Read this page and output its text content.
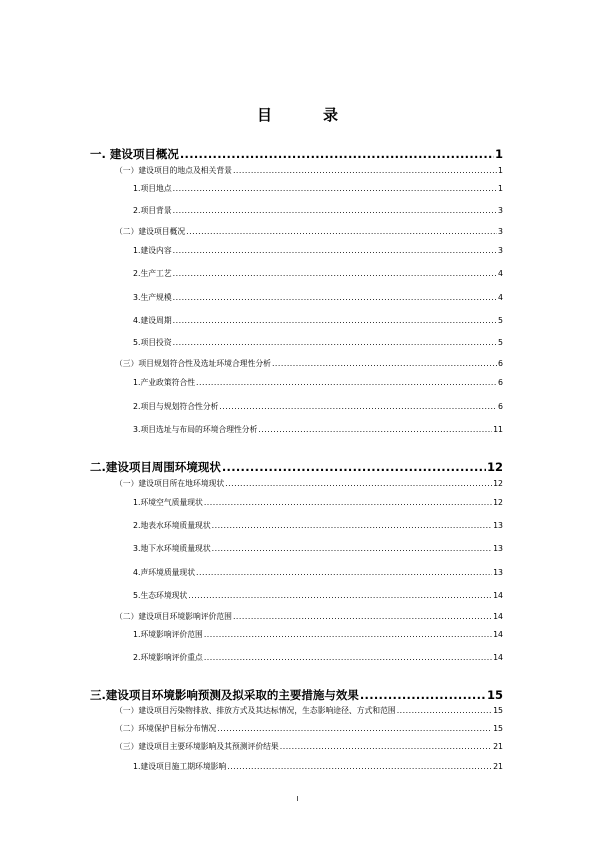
目　录
一. 建设项目概况 .....	1
（一）建设项目的地点及相关背景 .....	1
1.项目地点 .....	1
2.项目背景 .....	3
（二）建设项目概况 .....	3
1.建设内容 .....	3
2.生产工艺 .....	4
3.生产规模 .....	4
4.建设周期 .....	5
5.项目投资 .....	5
（三）项目规划符合性及选址环境合理性分析 .....	6
1.产业政策符合性 .....	6
2.项目与规划符合性分析 .....	6
3.项目选址与布局的环境合理性分析 .....	11
二.建设项目周围环境现状 .....	12
（一）建设项目所在地环境现状 .....	12
1.环境空气质量现状 .....	12
2.地表水环境质量现状 .....	13
3.地下水环境质量现状 .....	13
4.声环境质量现状 .....	13
5.生态环境现状 .....	14
（二）建设项目环境影响评价范围 .....	14
1.环境影响评价范围 .....	14
2.环境影响评价重点 .....	14
三.建设项目环境影响预测及拟采取的主要措施与效果 .....	15
（一）建设项目污染物排放、排放方式及其达标情况，生态影响途径、方式和范围 .....	15
（二）环境保护目标分布情况 .....	15
（三）建设项目主要环境影响及其预测评价结果 .....	21
1.建设项目施工期环境影响 .....	21
I
